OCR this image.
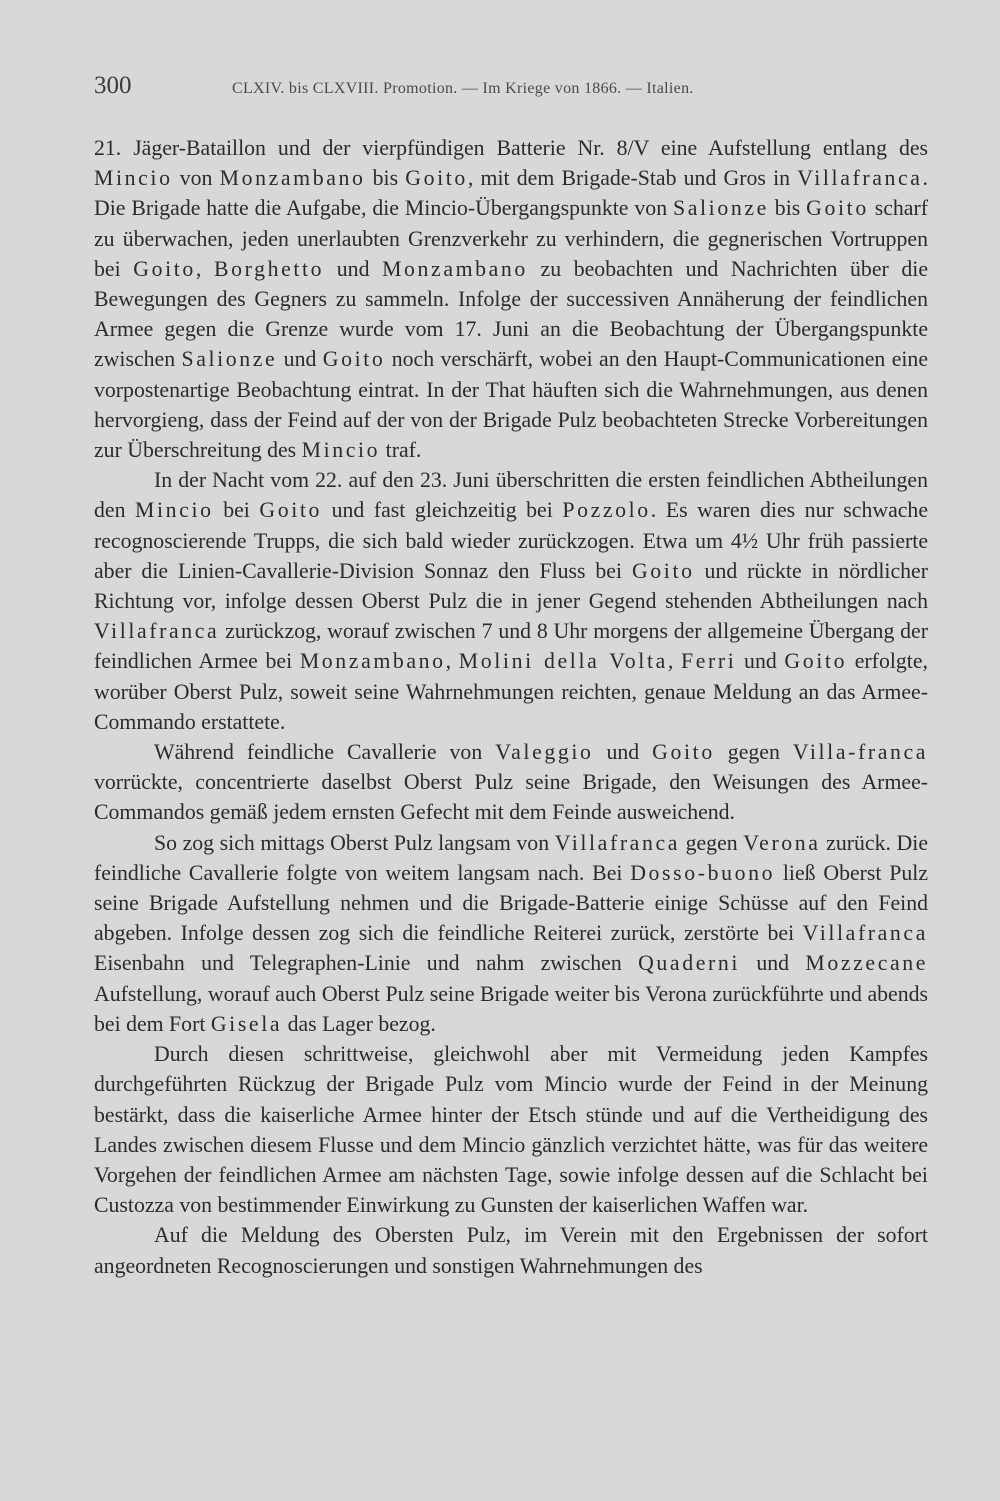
300	CLXIV. bis CLXVIII. Promotion. — Im Kriege von 1866. — Italien.

21. Jäger-Bataillon und der vierpfündigen Batterie Nr. 8/V eine Aufstellung entlang des Mincio von Monzambano bis Goito, mit dem Brigade-Stab und Gros in Villafranca. Die Brigade hatte die Aufgabe, die Mincio-Übergangspunkte von Salionze bis Goito scharf zu überwachen, jeden unerlaubten Grenzverkehr zu verhindern, die gegnerischen Vortruppen bei Goito, Borghetto und Monzambano zu beobachten und Nachrichten über die Bewegungen des Gegners zu sammeln. Infolge der successiven Annäherung der feindlichen Armee gegen die Grenze wurde vom 17. Juni an die Beobachtung der Übergangspunkte zwischen Salionze und Goito noch verschärft, wobei an den Haupt-Communicationen eine vorpostenartige Beobachtung eintrat. In der That häuften sich die Wahrnehmungen, aus denen hervorgieng, dass der Feind auf der von der Brigade Pulz beobachteten Strecke Vorbereitungen zur Überschreitung des Mincio traf.

In der Nacht vom 22. auf den 23. Juni überschritten die ersten feindlichen Abtheilungen den Mincio bei Goito und fast gleichzeitig bei Pozzolo. Es waren dies nur schwache recognoscierende Trupps, die sich bald wieder zurückzogen. Etwa um 4½ Uhr früh passierte aber die Linien-Cavallerie-Division Sonnaz den Fluss bei Goito und rückte in nördlicher Richtung vor, infolge dessen Oberst Pulz die in jener Gegend stehenden Abtheilungen nach Villafranca zurückzog, worauf zwischen 7 und 8 Uhr morgens der allgemeine Übergang der feindlichen Armee bei Monzambano, Molini della Volta, Ferri und Goito erfolgte, worüber Oberst Pulz, soweit seine Wahrnehmungen reichten, genaue Meldung an das Armee-Commando erstattete.

Während feindliche Cavallerie von Valeggio und Goito gegen Villa-franca vorrückte, concentrierte daselbst Oberst Pulz seine Brigade, den Weisungen des Armee-Commandos gemäß jedem ernsten Gefecht mit dem Feinde ausweichend.

So zog sich mittags Oberst Pulz langsam von Villafranca gegen Verona zurück. Die feindliche Cavallerie folgte von weitem langsam nach. Bei Dosso-buono ließ Oberst Pulz seine Brigade Aufstellung nehmen und die Brigade-Batterie einige Schüsse auf den Feind abgeben. Infolge dessen zog sich die feindliche Reiterei zurück, zerstörte bei Villafranca Eisenbahn und Telegraphen-Linie und nahm zwischen Quaderni und Mozzecane Aufstellung, worauf auch Oberst Pulz seine Brigade weiter bis Verona zurückführte und abends bei dem Fort Gisela das Lager bezog.

Durch diesen schrittweise, gleichwohl aber mit Vermeidung jeden Kampfes durchgeführten Rückzug der Brigade Pulz vom Mincio wurde der Feind in der Meinung bestärkt, dass die kaiserliche Armee hinter der Etsch stünde und auf die Vertheidigung des Landes zwischen diesem Flusse und dem Mincio gänzlich verzichtet hätte, was für das weitere Vorgehen der feindlichen Armee am nächsten Tage, sowie infolge dessen auf die Schlacht bei Custozza von bestimmender Einwirkung zu Gunsten der kaiserlichen Waffen war.

Auf die Meldung des Obersten Pulz, im Verein mit den Ergebnissen der sofort angeordneten Recognoscierungen und sonstigen Wahrnehmungen des
